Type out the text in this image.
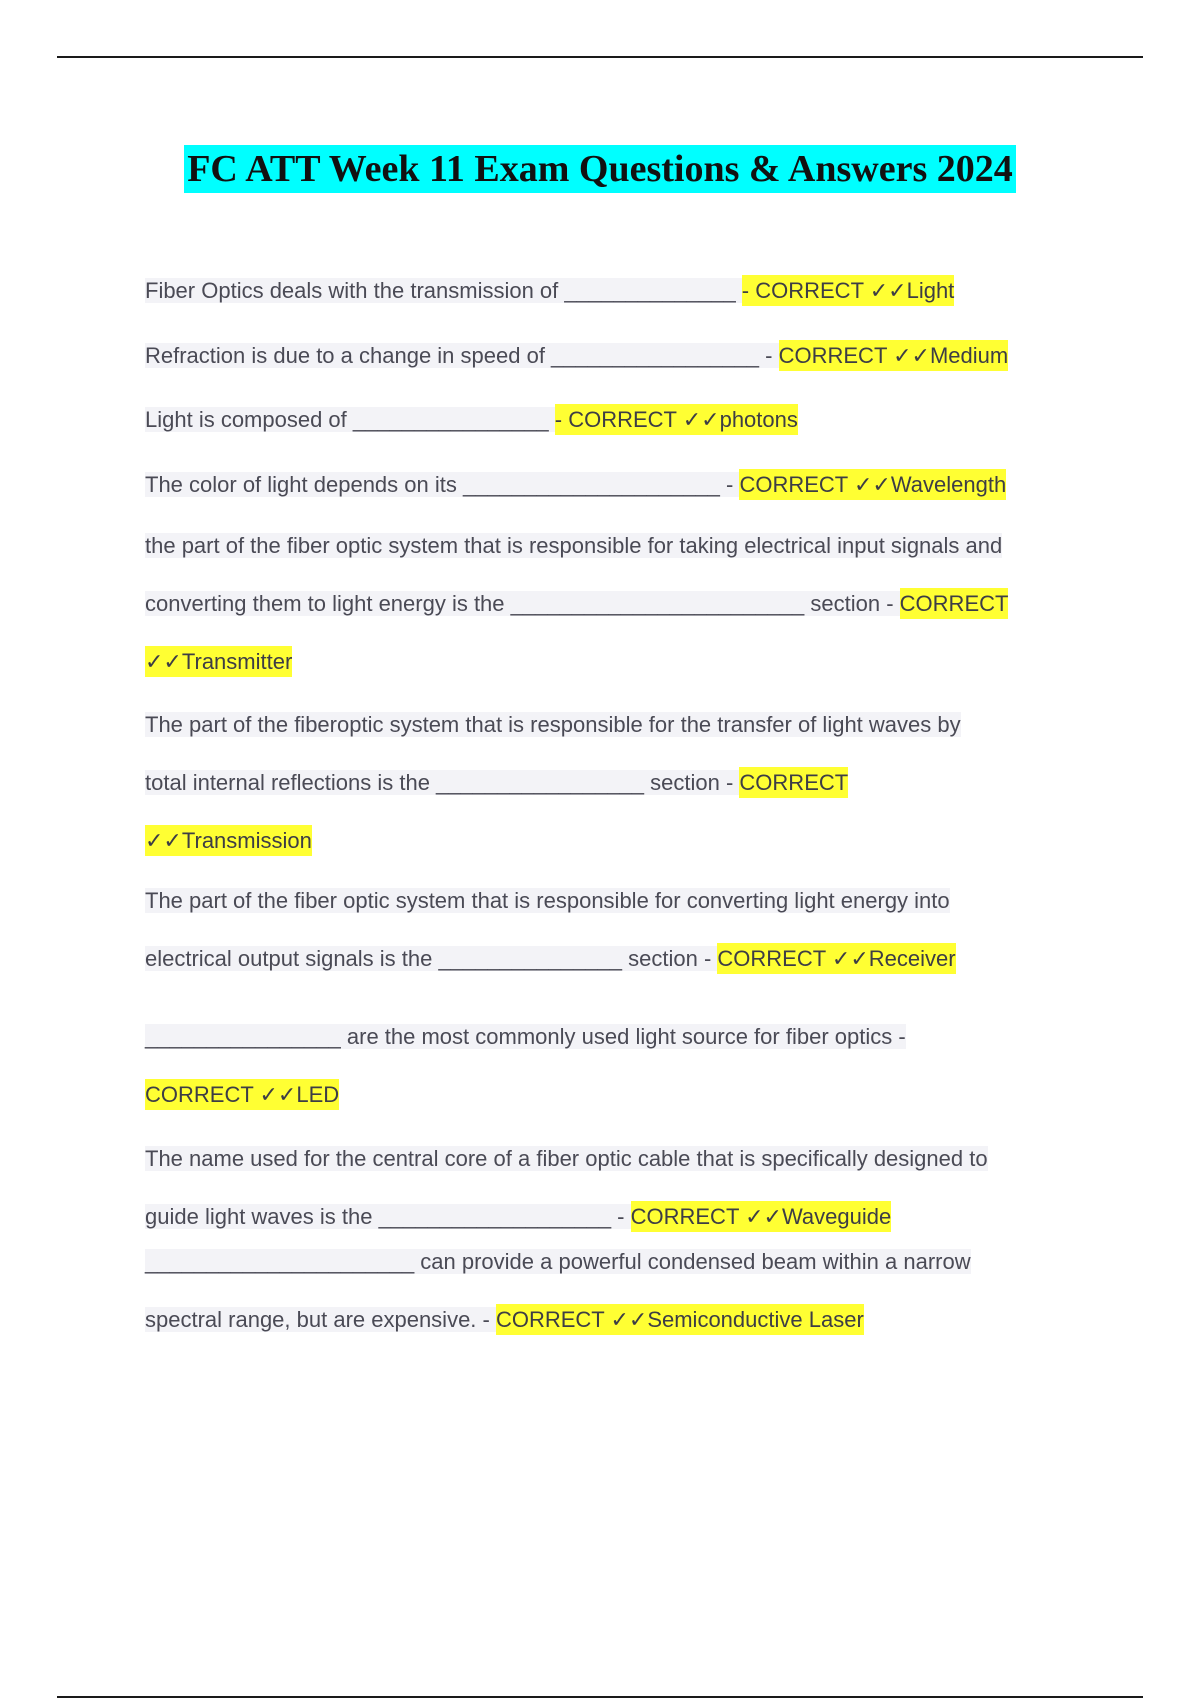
FC ATT Week 11 Exam Questions & Answers 2024
Fiber Optics deals with the transmission of ______________ - CORRECT ✓✓Light
Refraction is due to a change in speed of _________________ - CORRECT ✓✓Medium
Light is composed of ________________ - CORRECT ✓✓photons
The color of light depends on its _____________________ - CORRECT ✓✓Wavelength
the part of the fiber optic system that is responsible for taking electrical input signals and
converting them to light energy is the ________________________ section - CORRECT
✓✓Transmitter
The part of the fiberoptic system that is responsible for the transfer of light waves by
total internal reflections is the _________________ section - CORRECT
✓✓Transmission
The part of the fiber optic system that is responsible for converting light energy into
electrical output signals is the _______________ section - CORRECT ✓✓Receiver
________________ are the most commonly used light source for fiber optics -
CORRECT ✓✓LED
The name used for the central core of a fiber optic cable that is specifically designed to
guide light waves is the ___________________ - CORRECT ✓✓Waveguide
______________________ can provide a powerful condensed beam within a narrow
spectral range, but are expensive. - CORRECT ✓✓Semiconductive Laser
